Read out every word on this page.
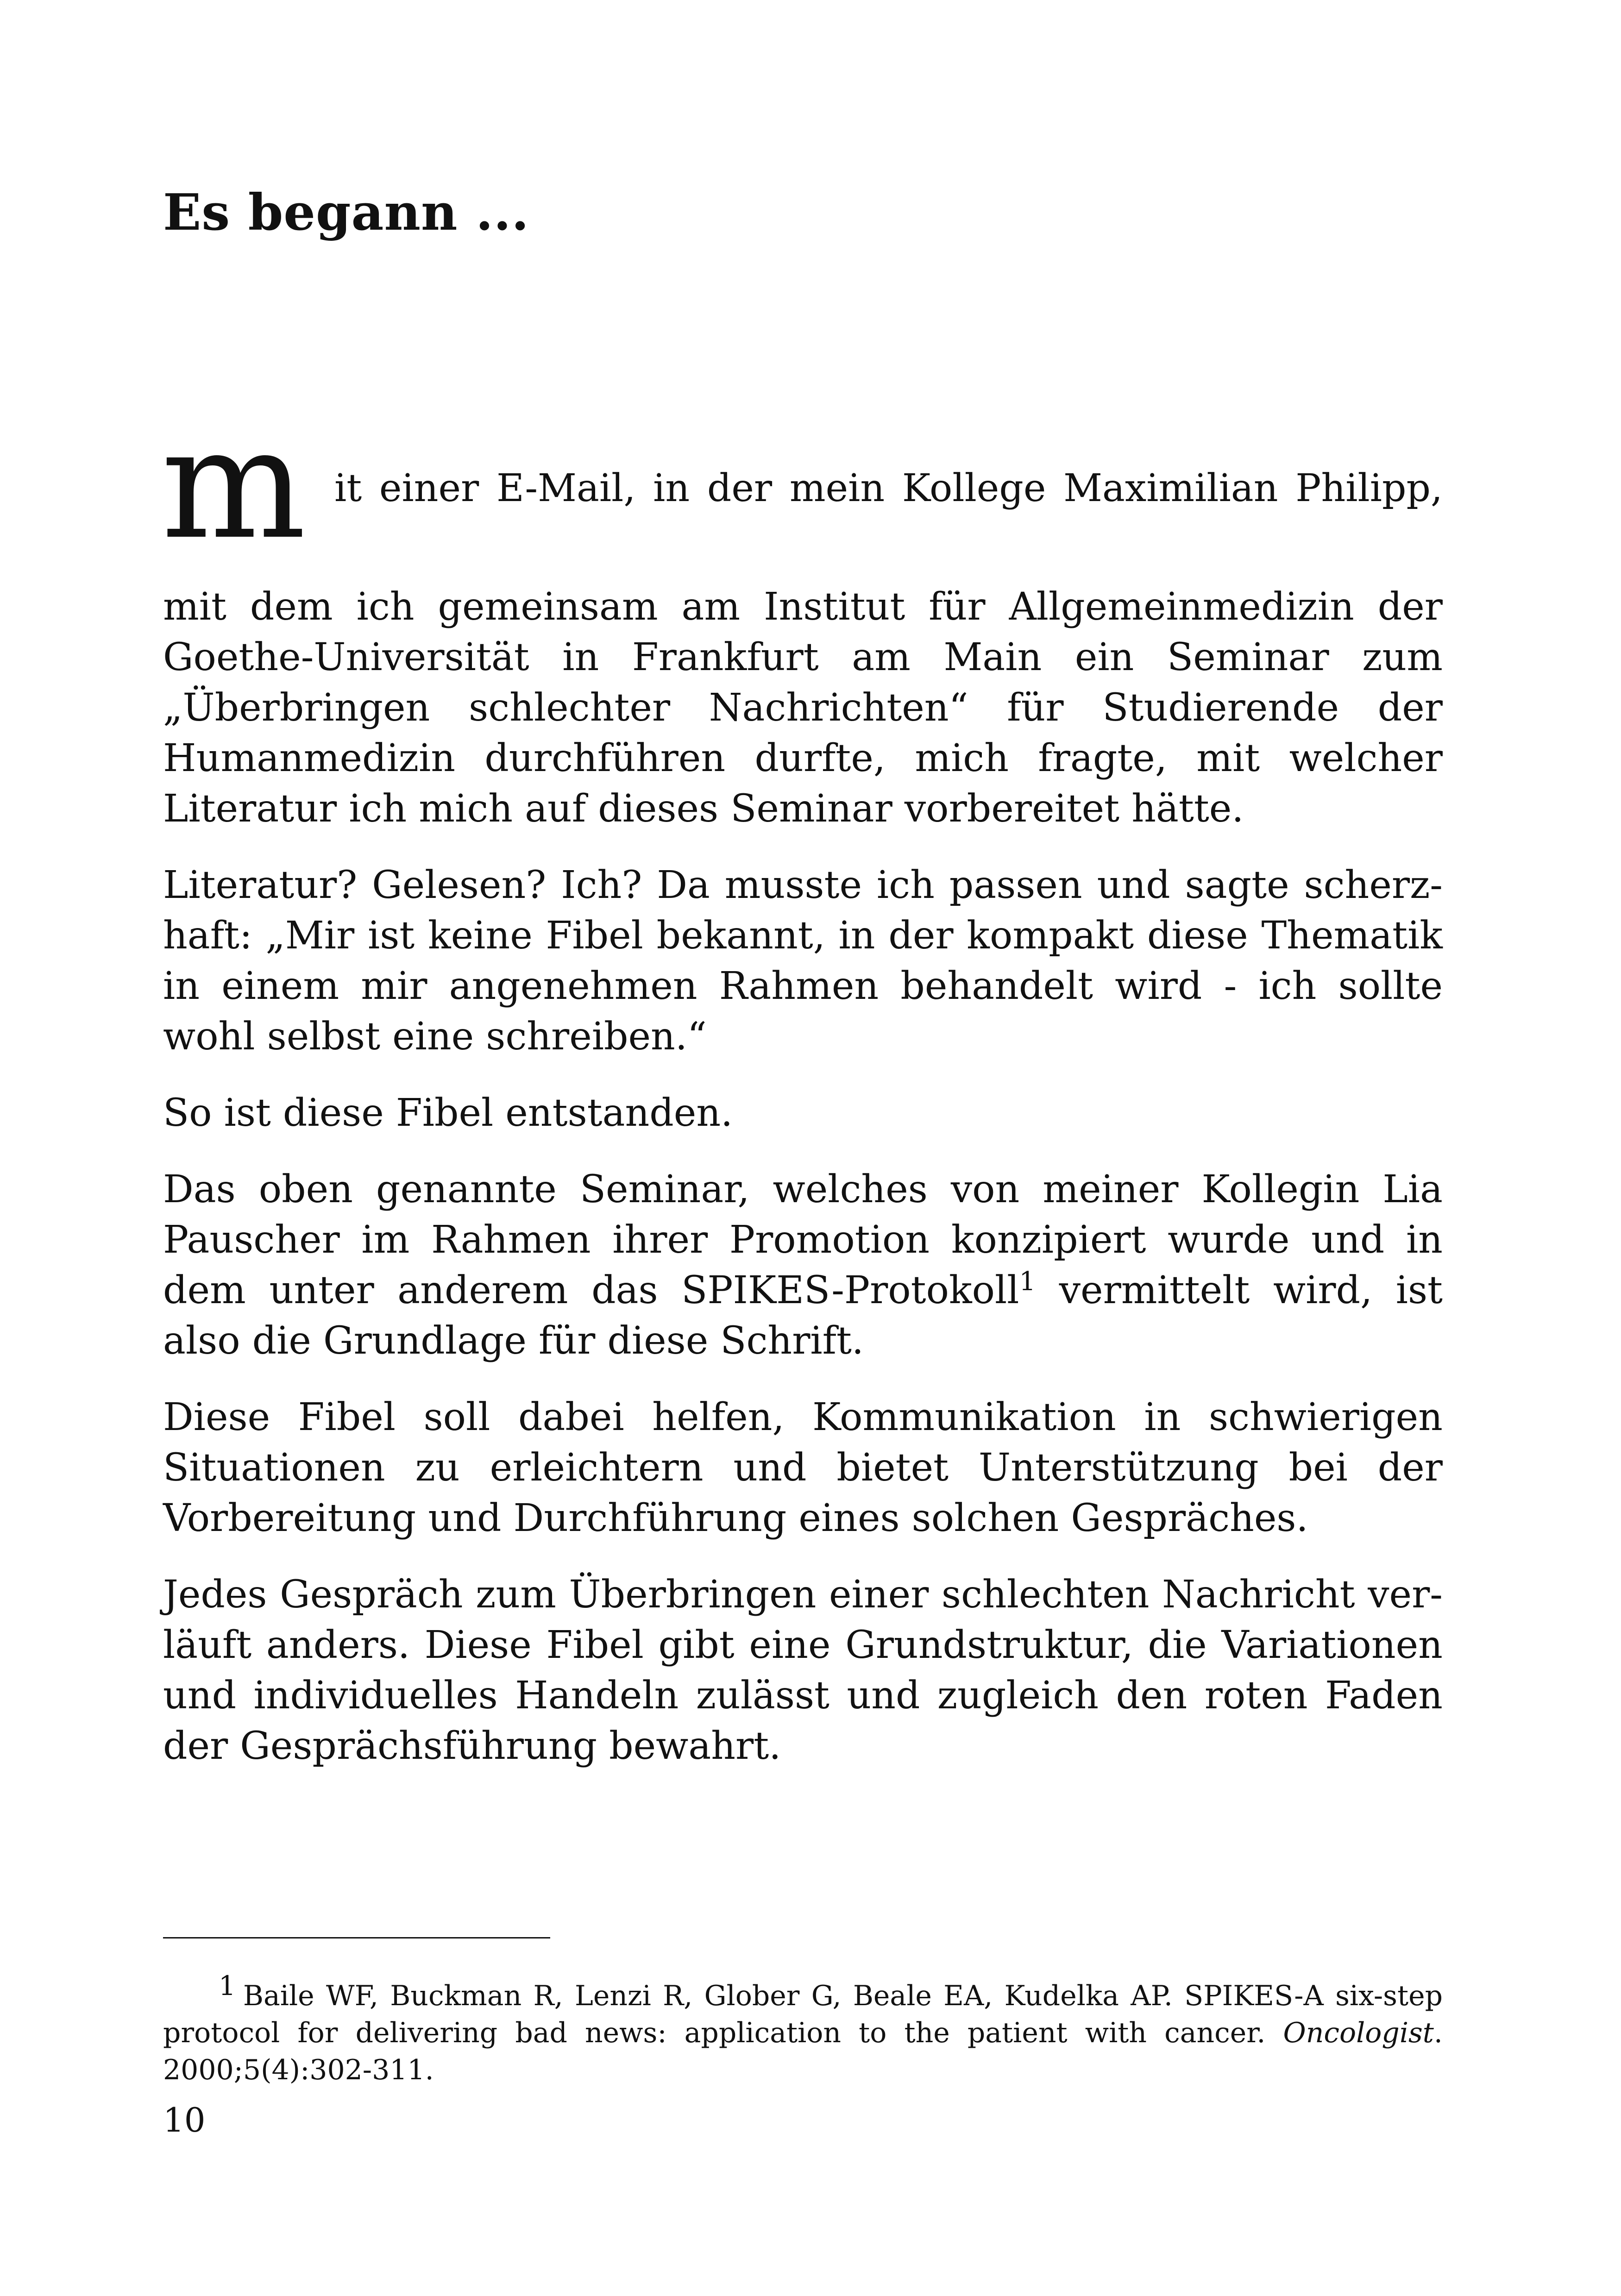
Es begann ...
m it einer E-Mail, in der mein Kollege Maximilian Philipp,

mit dem ich gemeinsam am Institut für Allgemeinmedizin der Goethe-Universität in Frankfurt am Main ein Seminar zum „Überbringen schlechter Nachrichten“ für Studierende der Humanmedizin durchführen durfte, mich fragte, mit welcher Literatur ich mich auf dieses Seminar vorbereitet hätte.

Literatur? Gelesen? Ich? Da musste ich passen und sagte scherzhaft: „Mir ist keine Fibel bekannt, in der kompakt diese Thematik in einem mir angenehmen Rahmen behandelt wird - ich sollte wohl selbst eine schreiben.“

So ist diese Fibel entstanden.

Das oben genannte Seminar, welches von meiner Kollegin Lia Pauscher im Rahmen ihrer Promotion konzipiert wurde und in dem unter anderem das SPIKES-Protokoll$^1$ vermittelt wird, ist also die Grundlage für diese Schrift.

Diese Fibel soll dabei helfen, Kommunikation in schwierigen Situationen zu erleichtern und bietet Unterstützung bei der Vorbereitung und Durchführung eines solchen Gespräches.

Jedes Gespräch zum Überbringen einer schlechten Nachricht verläuft anders. Diese Fibel gibt eine Grundstruktur, die Variationen und individuelles Handeln zulässt und zugleich den roten Faden der Gesprächsführung bewahrt.

1 Baile WF, Buckman R, Lenzi R, Glober G, Beale EA, Kudelka AP. SPIKES-A six-step protocol for delivering bad news: application to the patient with cancer. Oncologist. 2000;5(4):302-311.
10
